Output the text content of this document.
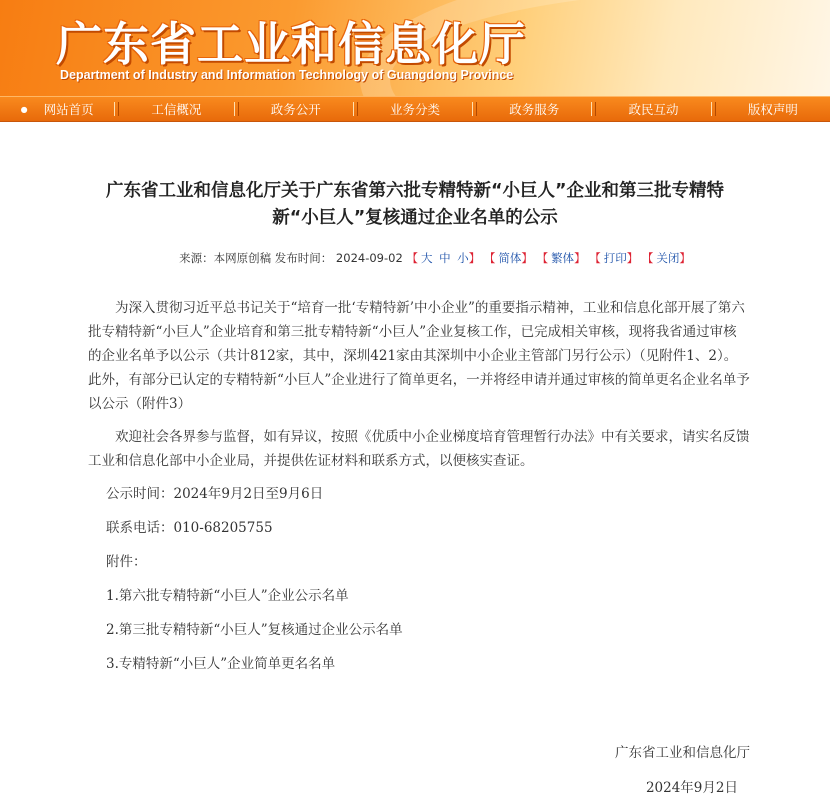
广东省工业和信息化厅
Department of Industry and Information Technology of Guangdong Province
● 网站首页	工信概况	政务公开	业务分类	政务服务	政民互动	版权声明
广东省工业和信息化厅关于广东省第六批专精特新“小巨人”企业和第三批专精特
新“小巨人”复核通过企业名单的公示
来源：本网原创稿 发布时间： 2024-09-02 【 大 中 小】 【 简体】 【 繁体】 【 打印】 【 关闭】

为深入贯彻习近平总书记关于“培育一批‘专精特新’中小企业”的重要指示精神，工业和信息化部开展了第六批专精特新“小巨人”企业培育和第三批专精特新“小巨人”企业复核工作，已完成相关审核，现将我省通过审核的企业名单予以公示（共计812家，其中，深圳421家由其深圳中小企业主管部门另行公示）（见附件1、2）。此外，有部分已认定的专精特新“小巨人”企业进行了简单更名，一并将经申请并通过审核的简单更名企业名单予以公示（附件3）

欢迎社会各界参与监督，如有异议，按照《优质中小企业梯度培育管理暂行办法》中有关要求，请实名反馈工业和信息化部中小企业局，并提供佐证材料和联系方式，以便核实查证。

公示时间：2024年9月2日至9月6日

联系电话：010-68205755

附件：

1.第六批专精特新“小巨人”企业公示名单

2.第三批专精特新“小巨人”复核通过企业公示名单

3.专精特新“小巨人”企业简单更名名单

广东省工业和信息化厅
2024年9月2日
